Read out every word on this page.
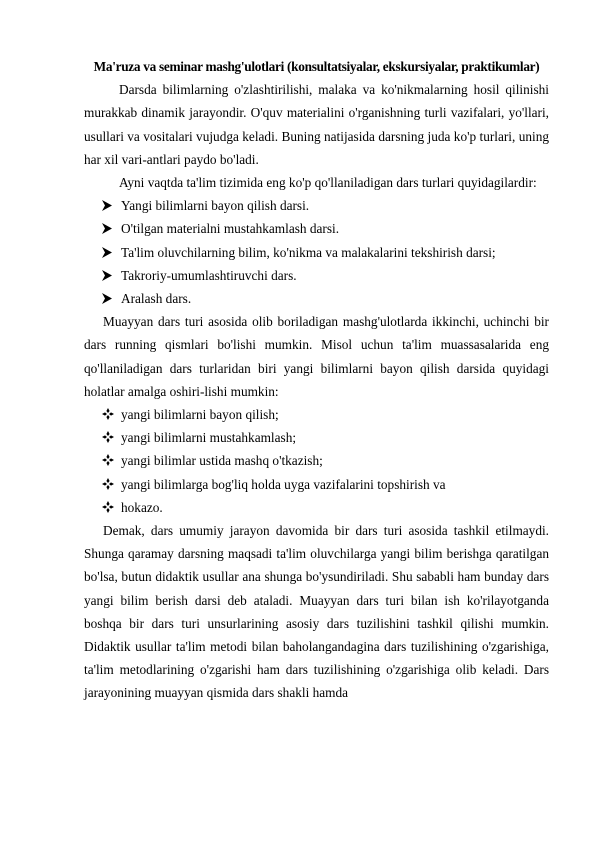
Ma'ruza va seminar mashg'ulotlari (konsultatsiyalar, ekskursiyalar, praktikumlar)

Darsda bilimlarning o'zlashtirilishi, malaka va ko'nikmalarning hosil qilinishi murakkab dinamik jarayondir. O'quv materialini o'rganishning turli vazifalari, yo'llari, usullari va vositalari vujudga keladi. Buning natijasida darsning juda ko'p turlari, uning har xil vari-antlari paydo bo'ladi.

Ayni vaqtda ta'lim tizimida eng ko'p qo'llaniladigan dars turlari quyidagilardir:

Yangi bilimlarni bayon qilish darsi.
O'tilgan materialni mustahkamlash darsi.
Ta'lim oluvchilarning bilim, ko'nikma va malakalarini tekshirish darsi;
Takroriy-umumlashtiruvchi dars.
Aralash dars.

Muayyan dars turi asosida olib boriladigan mashg'ulotlarda ikkinchi, uchinchi bir dars running qismlari bo'lishi mumkin. Misol uchun ta'lim muassasalarida eng qo'llaniladigan dars turlaridan biri yangi bilimlarni bayon qilish darsida quyidagi holatlar amalga oshiri-lishi mumkin:

yangi bilimlarni bayon qilish;
yangi bilimlarni mustahkamlash;
yangi bilimlar ustida mashq o'tkazish;
yangi bilimlarga bog'liq holda uyga vazifalarini topshirish va
hokazo.

Demak, dars umumiy jarayon davomida bir dars turi asosida tashkil etilmaydi. Shunga qaramay darsning maqsadi ta'lim oluvchilarga yangi bilim berishga qaratilgan bo'lsa, butun didaktik usullar ana shunga bo'ysundiriladi. Shu sababli ham bunday dars yangi bilim berish darsi deb ataladi. Muayyan dars turi bilan ish ko'rilayotganda boshqa bir dars turi unsurlarining asosiy dars tuzilishini tashkil qilishi mumkin. Didaktik usullar ta'lim metodi bilan baholangandagina dars tuzilishining o'zgarishiga, ta'lim metodlarining o'zgarishi ham dars tuzilishining o'zgarishiga olib keladi. Dars jarayonining muayyan qismida dars shakli hamda
